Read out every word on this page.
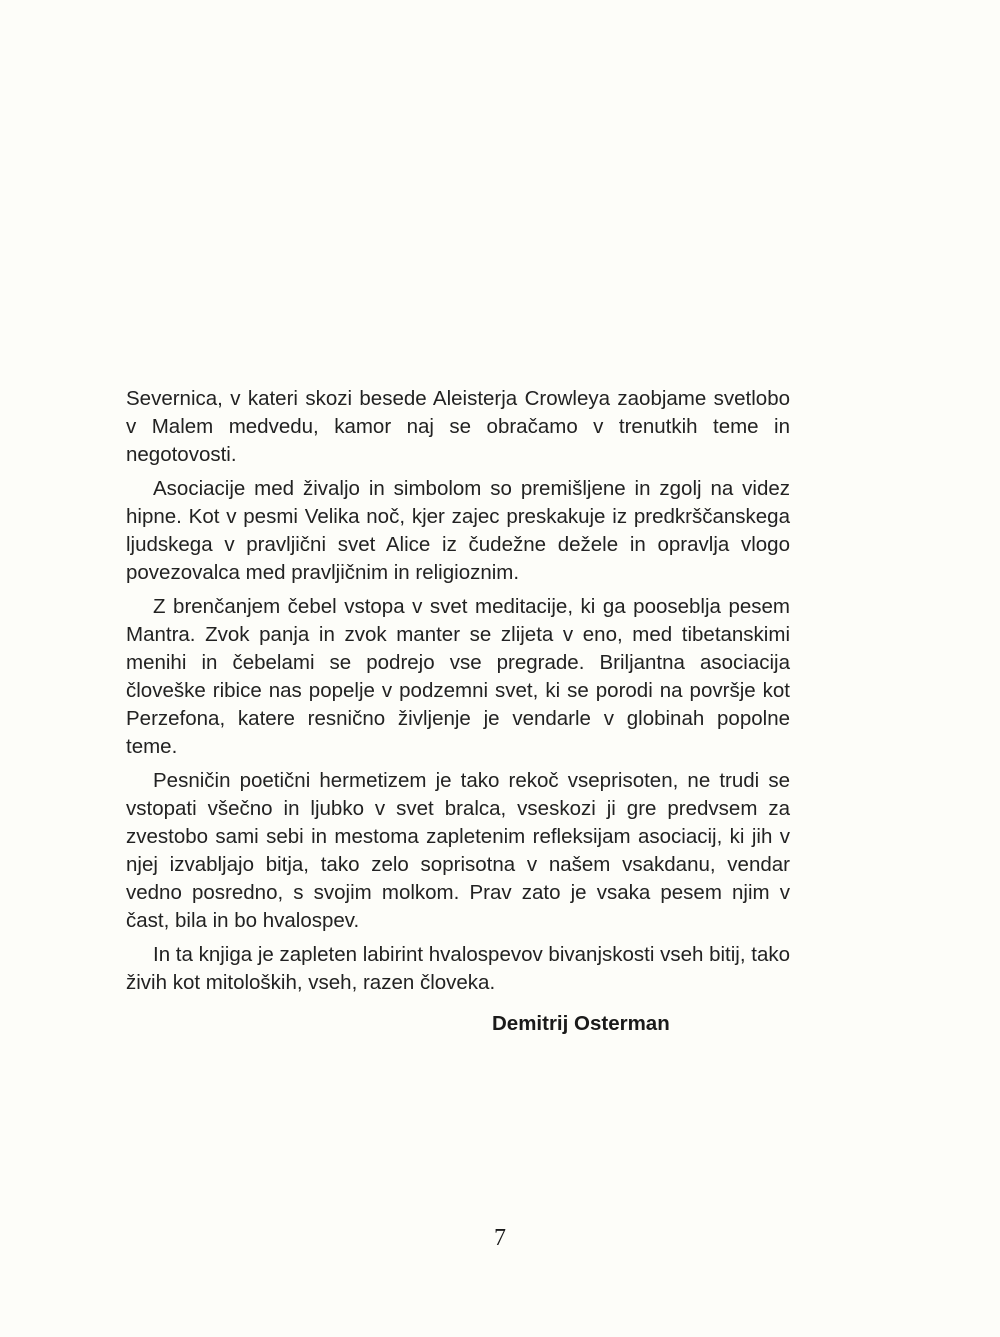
Severnica, v kateri skozi besede Aleisterja Crowleya zaobjame svetlobo v Malem medvedu, kamor naj se obračamo v trenutkih teme in negotovosti.

Asociacije med živaljo in simbolom so premišljene in zgolj na videz hipne. Kot v pesmi Velika noč, kjer zajec preskakuje iz predkrščanskega ljudskega v pravljični svet Alice iz čudežne dežele in opravlja vlogo povezovalca med pravljičnim in religioznim.

Z brenčanjem čebel vstopa v svet meditacije, ki ga pooseblja pesem Mantra. Zvok panja in zvok manter se zlijeta v eno, med tibetanskimi menihi in čebelami se podrejo vse pregrade. Briljantna asociacija človeške ribice nas popelje v podzemni svet, ki se porodi na površje kot Perzefona, katere resnično življenje je vendarle v globinah popolne teme.

Pesničin poetični hermetizem je tako rekoč vseprisoten, ne trudi se vstopati všečno in ljubko v svet bralca, vseskozi ji gre predvsem za zvestobo sami sebi in mestoma zapletenim refleksijam asociacij, ki jih v njej izvabljajo bitja, tako zelo soprisotna v našem vsakdanu, vendar vedno posredno, s svojim molkom. Prav zato je vsaka pesem njim v čast, bila in bo hvalospev.

In ta knjiga je zapleten labirint hvalospevov bivanjskosti vseh bitij, tako živih kot mitoloških, vseh, razen človeka.

Demitrij Osterman
7
